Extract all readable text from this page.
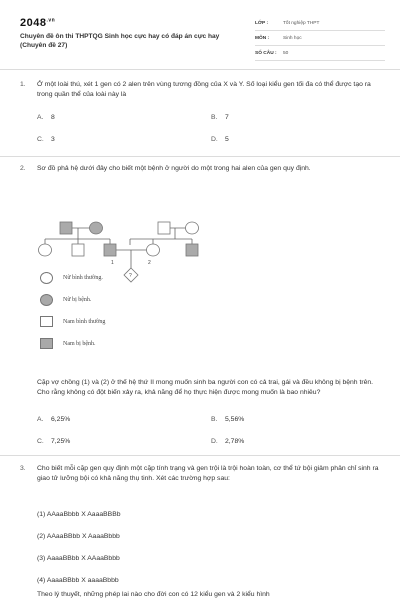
$2048^{.vn}$
Chuyên đề ôn thi THPTQG Sinh học cực hay có đáp án cực hay (Chuyên đề 27)
LỚP :	Tốt nghiệp THPT
MÔN :	Sinh học
SỐ CÂU :	50
1.	Ở một loài thú, xét 1 gen có 2 alen trên vùng tương đồng của X và Y. Số loại kiểu gen tối đa có thể được tạo ra trong quần thể của loài này là
A. 8	B. 7
C. 3	D. 5
2.	Sơ đồ phả hệ dưới đây cho biết một bệnh ở người do một trong hai alen của gen quy định.
1	2
?
Nữ bình thường.
Nữ bị bệnh.
Nam bình thường
Nam bị bệnh.
Cặp vợ chồng (1) và (2) ở thế hệ thứ II mong muốn sinh ba người con có cả trai, gái và đều không bị bệnh trên. Cho rằng không có đột biến xảy ra, khả năng để họ thực hiện được mong muốn là bao nhiêu?
A. 6,25%	B. 5,56%
C. 7,25%	D. 2,78%
3.	Cho biết mỗi cặp gen quy định một cặp tính trạng và gen trội là trội hoàn toàn, cơ thể tứ bội giảm phân chỉ sinh ra giao tử lưỡng bội có khả năng thụ tinh. Xét các trường hợp sau:
(1) AAaaBbbb X AaaaBBBb
(2) AAaaBBbb X AaaaBbbb
(3) AaaaBBbb X AAaaBbbb
(4) AaaaBBbb X aaaaBbbb
Theo lý thuyết, những phép lai nào cho đời con có 12 kiểu gen và 2 kiểu hình
